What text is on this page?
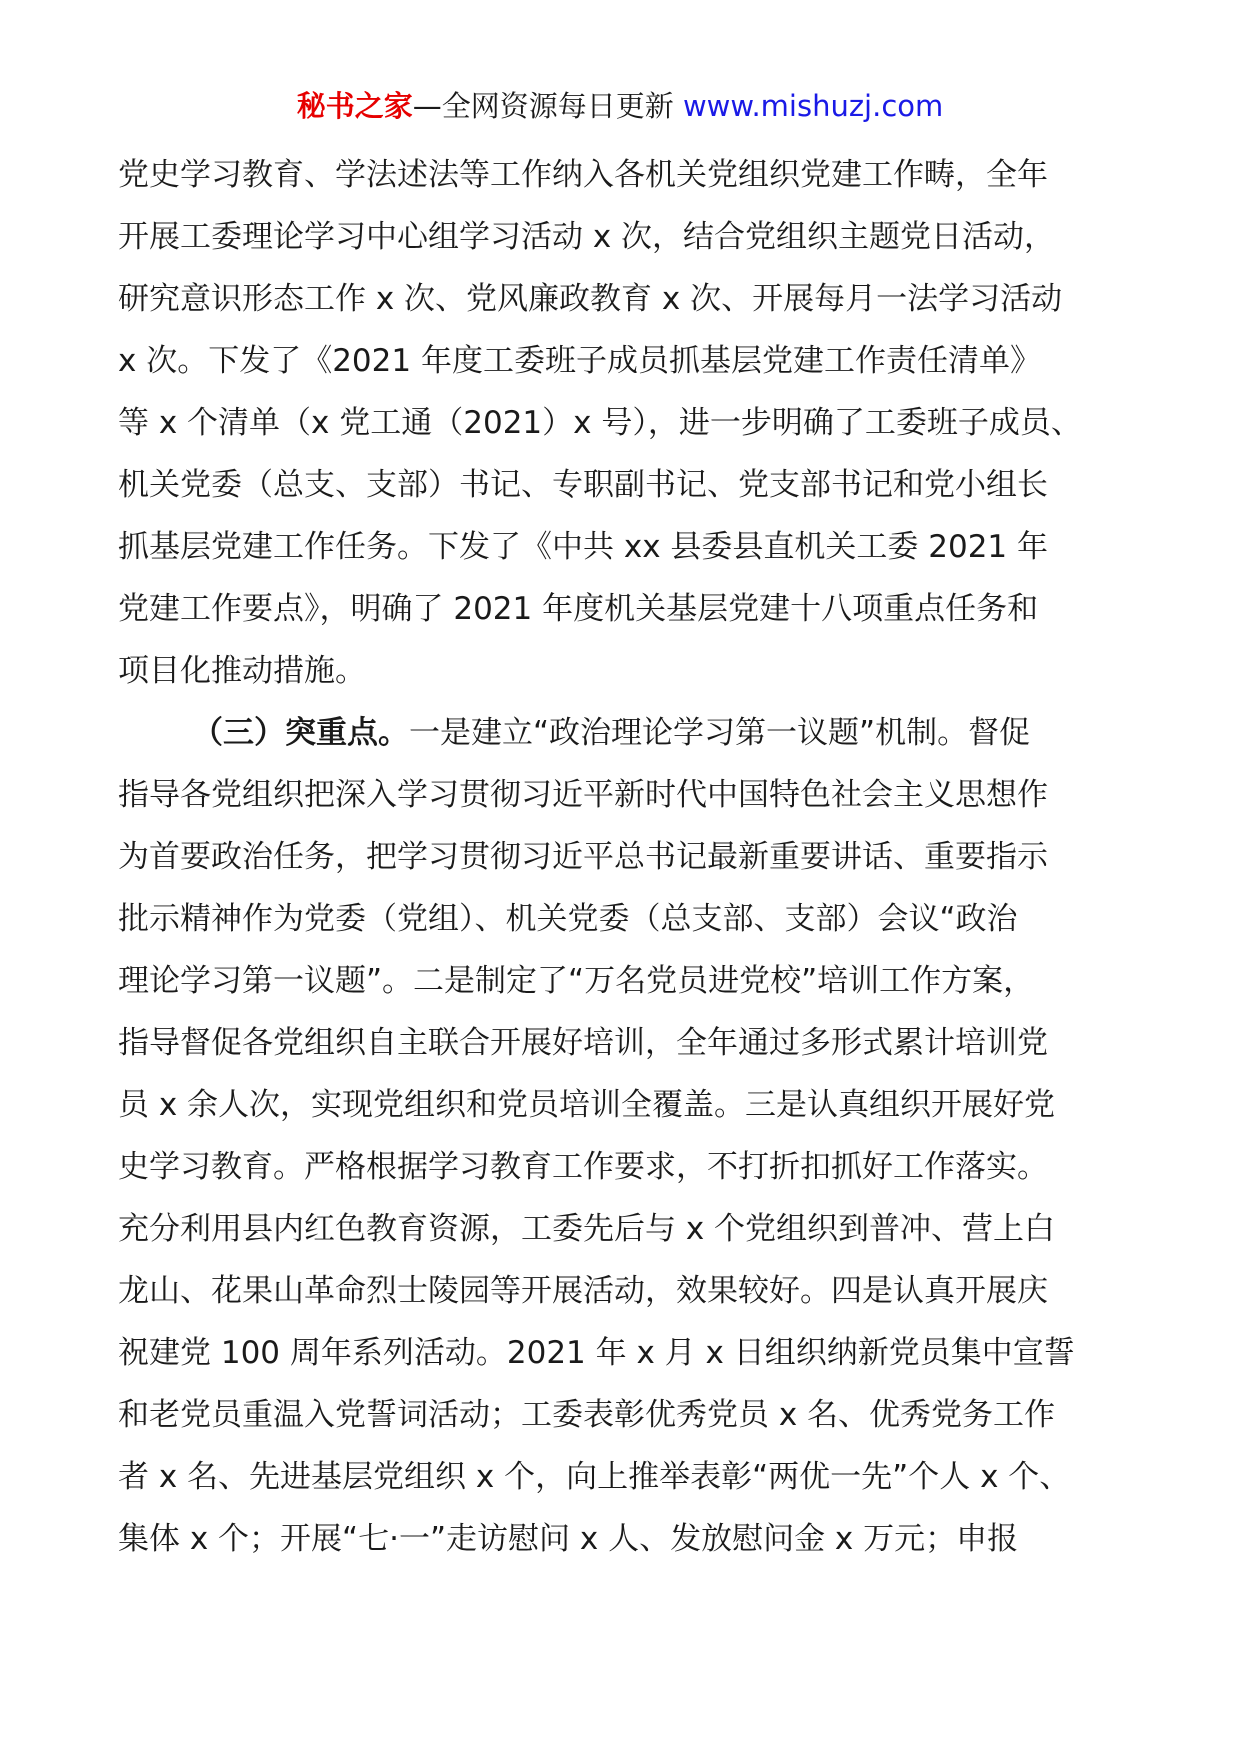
秘书之家—全网资源每日更新 www.mishuzj.com
党史学习教育、学法述法等工作纳入各机关党组织党建工作畴，全年
开展工委理论学习中心组学习活动 x 次，结合党组织主题党日活动，
研究意识形态工作 x 次、党风廉政教育 x 次、开展每月一法学习活动
x 次。下发了《2021 年度工委班子成员抓基层党建工作责任清单》
等 x 个清单（x 党工通（2021）x 号），进一步明确了工委班子成员、
机关党委（总支、支部）书记、专职副书记、党支部书记和党小组长
抓基层党建工作任务。下发了《中共 xx 县委县直机关工委 2021 年
党建工作要点》，明确了 2021 年度机关基层党建十八项重点任务和
项目化推动措施。
（三）突重点。一是建立“政治理论学习第一议题”机制。督促
指导各党组织把深入学习贯彻习近平新时代中国特色社会主义思想作
为首要政治任务，把学习贯彻习近平总书记最新重要讲话、重要指示
批示精神作为党委（党组）、机关党委（总支部、支部）会议“政治
理论学习第一议题”。二是制定了“万名党员进党校”培训工作方案，
指导督促各党组织自主联合开展好培训，全年通过多形式累计培训党
员 x 余人次，实现党组织和党员培训全覆盖。三是认真组织开展好党
史学习教育。严格根据学习教育工作要求，不打折扣抓好工作落实。
充分利用县内红色教育资源，工委先后与 x 个党组织到普冲、营上白
龙山、花果山革命烈士陵园等开展活动，效果较好。四是认真开展庆
祝建党 100 周年系列活动。2021 年 x 月 x 日组织纳新党员集中宣誓
和老党员重温入党誓词活动；工委表彰优秀党员 x 名、优秀党务工作
者 x 名、先进基层党组织 x 个，向上推举表彰“两优一先”个人 x 个、
集体 x 个；开展“七·一”走访慰问 x 人、发放慰问金 x 万元；申报
